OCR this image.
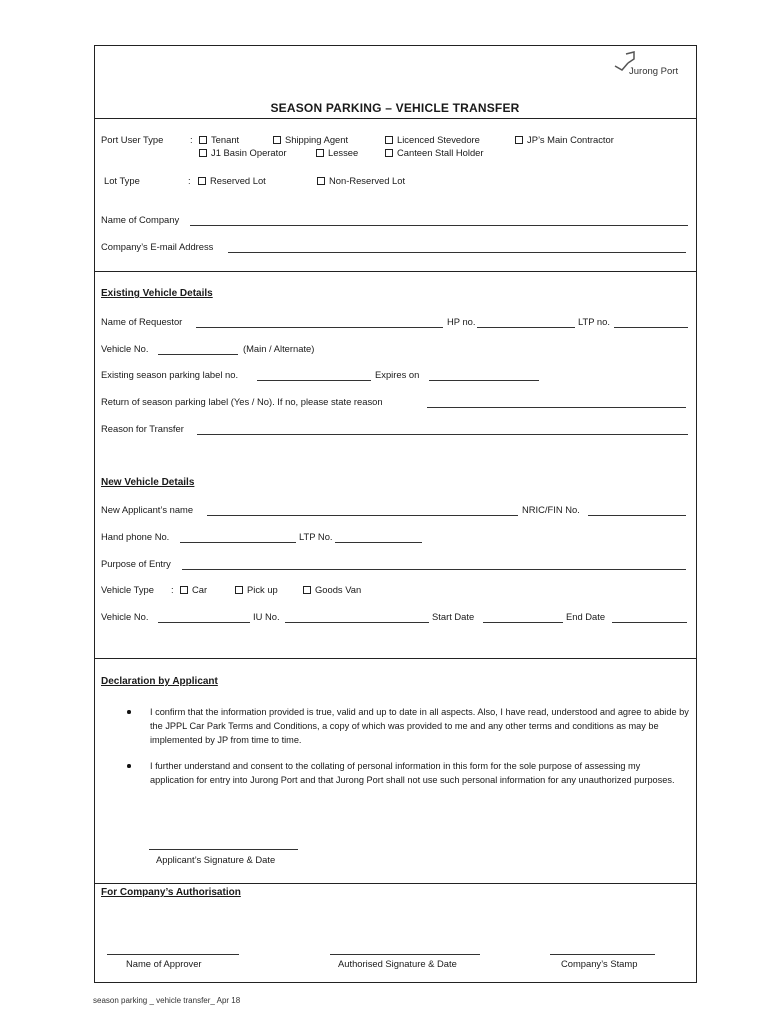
Jurong Port
SEASON PARKING – VEHICLE TRANSFER
Port User Type	:	Tenant	Shipping Agent	Licenced Stevedore	JP’s Main Contractor
J1 Basin Operator	Lessee	Canteen Stall Holder
Lot Type	:	Reserved Lot	Non-Reserved Lot
Name of Company
Company’s E-mail Address
Existing Vehicle Details
Name of Requestor	HP no.	LTP no.
Vehicle No.	(Main / Alternate)
Existing season parking label no.	Expires on
Return of season parking label (Yes / No). If no, please state reason
Reason for Transfer
New Vehicle Details
New Applicant’s name	NRIC/FIN No.
Hand phone No.	LTP No.
Purpose of Entry
Vehicle Type :	Car	Pick up	Goods Van
Vehicle No.	IU No.	Start Date	End Date
Declaration by Applicant
I confirm that the information provided is true, valid and up to date in all aspects. Also, I have read, understood and agree to abide by the JPPL Car Park Terms and Conditions, a copy of which was provided to me and any other terms and conditions as may be implemented by JP from time to time.
I further understand and consent to the collating of personal information in this form for the sole purpose of assessing my application for entry into Jurong Port and that Jurong Port shall not use such personal information for any unauthorized purposes.
Applicant’s Signature & Date
For Company’s Authorisation
Name of Approver	Authorised Signature & Date	Company’s Stamp
season parking _ vehicle transfer_ Apr 18
